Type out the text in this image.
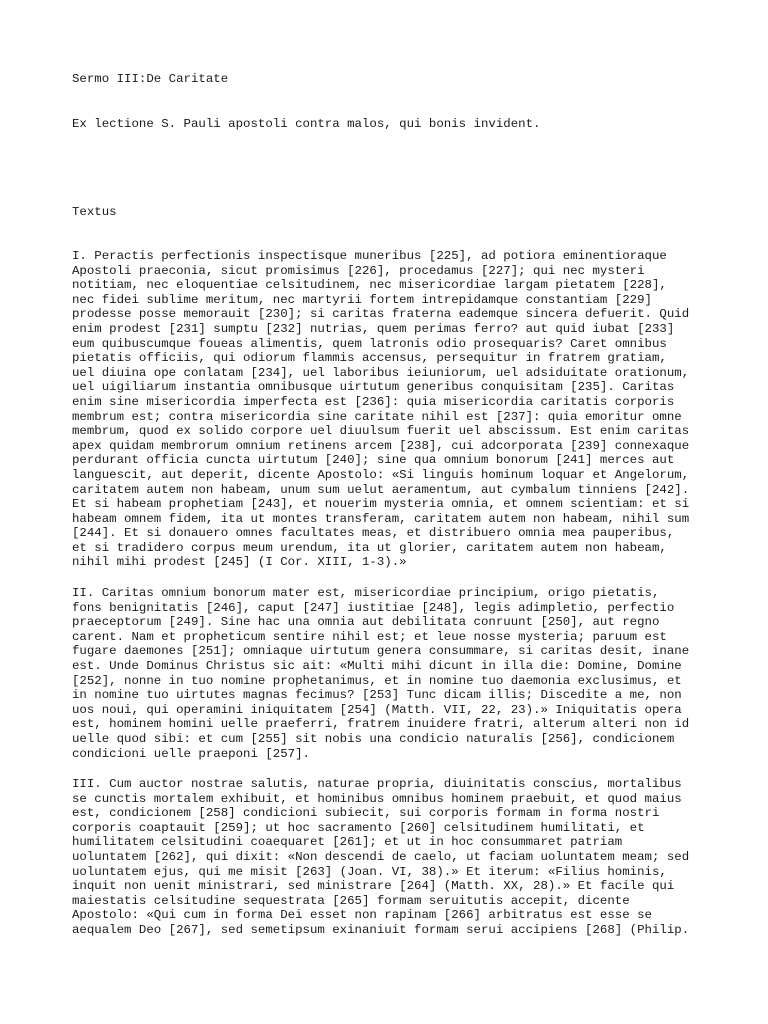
Sermo III:De Caritate
Ex lectione S. Pauli apostoli contra malos, qui bonis invident.
Textus
I. Peractis perfectionis inspectisque muneribus [225], ad potiora eminentioraque
Apostoli praeconia, sicut promisimus [226], procedamus [227]; qui nec mysteri
notitiam, nec eloquentiae celsitudinem, nec misericordiae largam pietatem [228],
nec fidei sublime meritum, nec martyrii fortem intrepidamque constantiam [229]
prodesse posse memorauit [230]; si caritas fraterna eademque sincera defuerit. Quid
enim prodest [231] sumptu [232] nutrias, quem perimas ferro? aut quid iubat [233]
eum quibuscumque foueas alimentis, quem latronis odio prosequaris? Caret omnibus
pietatis officiis, qui odiorum flammis accensus, persequitur in fratrem gratiam,
uel diuina ope conlatam [234], uel laboribus ieiuniorum, uel adsiduitate orationum,
uel uigiliarum instantia omnibusque uirtutum generibus conquisitam [235]. Caritas
enim sine misericordia imperfecta est [236]: quia misericordia caritatis corporis
membrum est; contra misericordia sine caritate nihil est [237]: quia emoritur omne
membrum, quod ex solido corpore uel diuulsum fuerit uel abscissum. Est enim caritas
apex quidam membrorum omnium retinens arcem [238], cui adcorporata [239] connexaque
perdurant officia cuncta uirtutum [240]; sine qua omnium bonorum [241] merces aut
languescit, aut deperit, dicente Apostolo: «Si linguis hominum loquar et Angelorum,
caritatem autem non habeam, unum sum uelut aeramentum, aut cymbalum tinniens [242].
Et si habeam prophetiam [243], et nouerim mysteria omnia, et omnem scientiam: et si
habeam omnem fidem, ita ut montes transferam, caritatem autem non habeam, nihil sum
[244]. Et si donauero omnes facultates meas, et distribuero omnia mea pauperibus,
et si tradidero corpus meum urendum, ita ut glorier, caritatem autem non habeam,
nihil mihi prodest [245] (I Cor. XIII, 1-3).»
II. Caritas omnium bonorum mater est, misericordiae principium, origo pietatis,
fons benignitatis [246], caput [247] iustitiae [248], legis adimpletio, perfectio
praeceptorum [249]. Sine hac una omnia aut debilitata conruunt [250], aut regno
carent. Nam et propheticum sentire nihil est; et leue nosse mysteria; paruum est
fugare daemones [251]; omniaque uirtutum genera consummare, si caritas desit, inane
est. Unde Dominus Christus sic ait: «Multi mihi dicunt in illa die: Domine, Domine
[252], nonne in tuo nomine prophetanimus, et in nomine tuo daemonia exclusimus, et
in nomine tuo uirtutes magnas fecimus? [253] Tunc dicam illis; Discedite a me, non
uos noui, qui operamini iniquitatem [254] (Matth. VII, 22, 23).» Iniquitatis opera
est, hominem homini uelle praeferri, fratrem inuidere fratri, alterum alteri non id
uelle quod sibi: et cum [255] sit nobis una condicio naturalis [256], condicionem
condicioni uelle praeponi [257].
III. Cum auctor nostrae salutis, naturae propria, diuinitatis conscius, mortalibus
se cunctis mortalem exhibuit, et hominibus omnibus hominem praebuit, et quod maius
est, condicionem [258] condicioni subiecit, sui corporis formam in forma nostri
corporis coaptauit [259]; ut hoc sacramento [260] celsitudinem humilitati, et
humilitatem celsitudini coaequaret [261]; et ut in hoc consummaret patriam
uoluntatem [262], qui dixit: «Non descendi de caelo, ut faciam uoluntatem meam; sed
uoluntatem ejus, qui me misit [263] (Joan. VI, 38).» Et iterum: «Filius hominis,
inquit non uenit ministrari, sed ministrare [264] (Matth. XX, 28).» Et facile qui
maiestatis celsitudine sequestrata [265] formam seruitutis accepit, dicente
Apostolo: «Qui cum in forma Dei esset non rapinam [266] arbitratus est esse se
aequalem Deo [267], sed semetipsum exinaniuit formam serui accipiens [268] (Philip.
